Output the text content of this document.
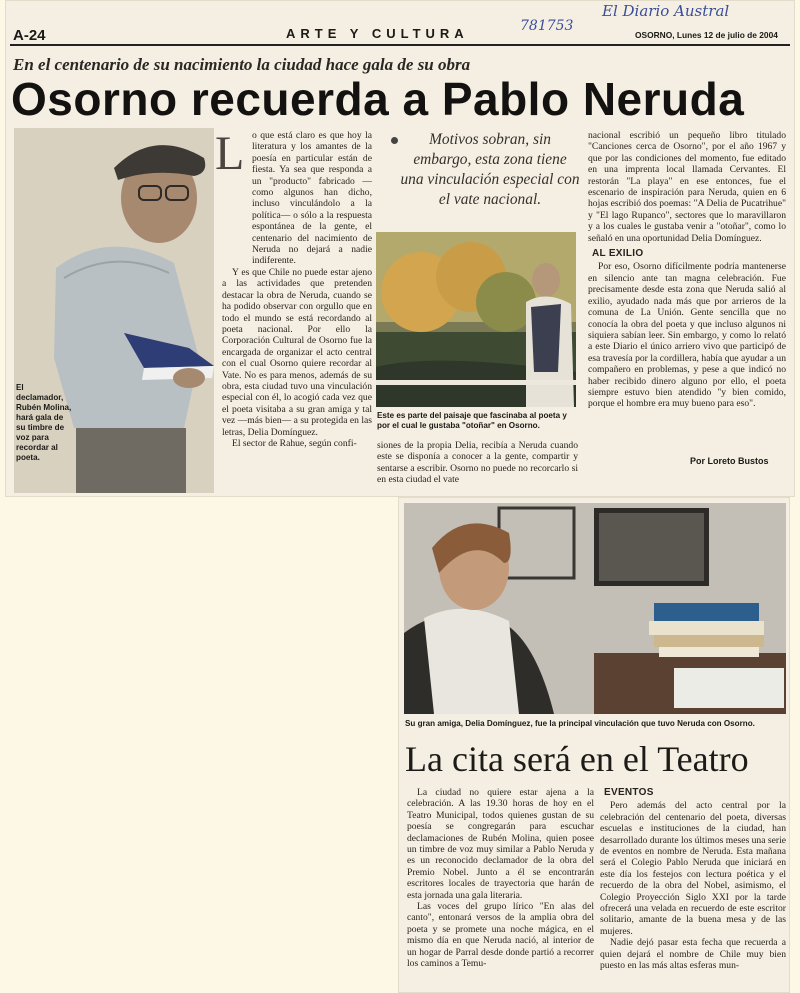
A-24	ARTE Y CULTURA
El Diario Austral
781753
OSORNO, Lunes 12 de julio de 2004
En el centenario de su nacimiento la ciudad hace gala de su obra
Osorno recuerda a Pablo Neruda
El declamador, Rubén Molina, hará gala de su timbre de voz para recordar al poeta.
L o que está claro es que hoy la literatura y los amantes de la poesía en particular están de fiesta. Ya sea que responda a un "producto" fabricado —como algunos han dicho, incluso vinculándolo a la política— o sólo a la respuesta espontánea de la gente, el centenario del nacimiento de Neruda no dejará a nadie indiferente.

Y es que Chile no puede estar ajeno a las actividades que pretenden destacar la obra de Neruda, cuando se ha podido observar con orgullo que en todo el mundo se está recordando al poeta nacional. Por ello la Corporación Cultural de Osorno fue la encargada de organizar el acto central con el cual Osorno quiere recordar al Vate. No es para menos, además de su obra, esta ciudad tuvo una vinculación especial con él, lo acogió cada vez que el poeta visitaba a su gran amiga y tal vez —más bien— a su protegida en las letras, Delia Domínguez.

El sector de Rahue, según confi-

Motivos sobran, sin embargo, esta zona tiene una vinculación especial con el vate nacional.
Este es parte del paisaje que fascinaba al poeta y por el cual le gustaba "otoñar" en Osorno.

siones de la propia Delia, recibía a Neruda cuando este se disponía a conocer a la gente, compartir y sentarse a escribir. Osorno no puede no recorcarlo si en esta ciudad el vate

nacional escribió un pequeño libro titulado "Canciones cerca de Osorno", por el año 1967 y que por las condiciones del momento, fue editado en una imprenta local llamada Cervantes. El restorán "La playa" en ese entonces, fue el escenario de inspiración para Neruda, quien en 6 hojas escribió dos poemas: "A Delia de Pucatrihue" y "El lago Rupanco", sectores que lo maravillaron y a los cuales le gustaba venir a "otoñar", como lo señaló en una oportunidad Delia Domínguez.

AL EXILIO

Por eso, Osorno difícilmente podría mantenerse en silencio ante tan magna celebración. Fue precisamente desde esta zona que Neruda salió al exilio, ayudado nada más que por arrieros de la comuna de La Unión. Gente sencilla que no conocía la obra del poeta y que incluso algunos ni siquiera sabían leer. Sin embargo, y como lo relató a este Diario el único arriero vivo que participó de esa travesía por la cordillera, había que ayudar a un compañero en problemas, y pese a que indicó no haber recibido dinero alguno por ello, el poeta siempre estuvo bien atendido "y bien comido, porque el hombre era muy bueno para eso".

Por Loreto Bustos
Su gran amiga, Delia Domínguez, fue la principal vinculación que tuvo Neruda con Osorno.
La cita será en el Teatro

La ciudad no quiere estar ajena a la celebración. A las 19.30 horas de hoy en el Teatro Municipal, todos quienes gustan de su poesía se congregarán para escuchar declamaciones de Rubén Molina, quien posee un timbre de voz muy similar a Pablo Neruda y es un reconocido declamador de la obra del Premio Nobel. Junto a él se encontrarán escritores locales de trayectoria que harán de esta jornada una gala literaria.

Las voces del grupo lírico "En alas del canto", entonará versos de la amplia obra del poeta y se promete una noche mágica, en el mismo día en que Neruda nació, al interior de un hogar de Parral desde donde partió a recorrer los caminos a Temu-

EVENTOS

Pero además del acto central por la celebración del centenario del poeta, diversas escuelas e instituciones de la ciudad, han desarrollado durante los últimos meses una serie de eventos en nombre de Neruda. Esta mañana será el Colegio Pablo Neruda que iniciará en este día los festejos con lectura poética y el recuerdo de la obra del Nobel, asimismo, el Colegio Proyección Siglo XXI por la tarde ofrecerá una velada en recuerdo de este escritor solitario, amante de la buena mesa y de las mujeres.

Nadie dejó pasar esta fecha que recuerda a quien dejará el nombre de Chile muy bien puesto en las más altas esferas mun-
